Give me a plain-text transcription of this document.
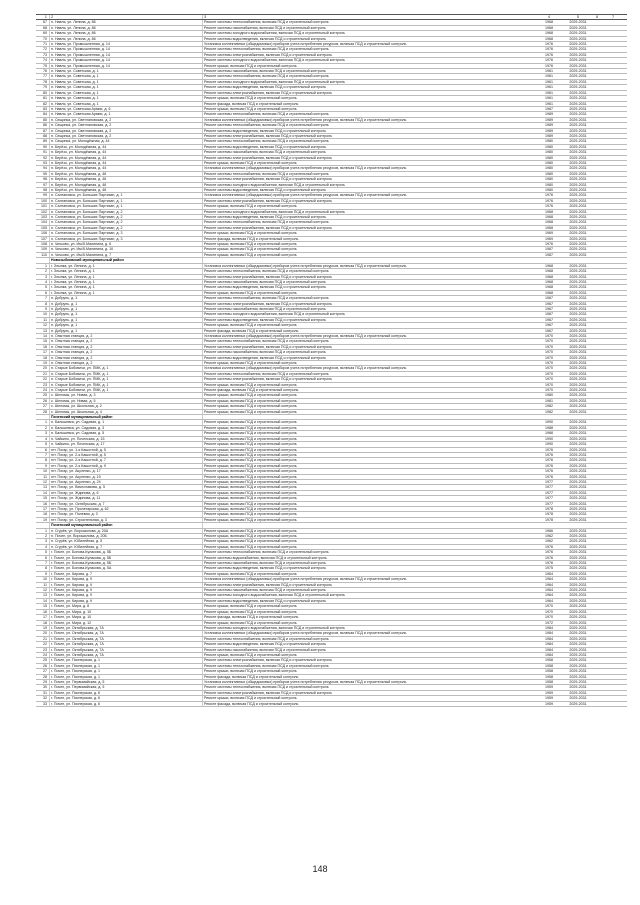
1	2	3	4	5	6	7
67	п. Навля, ул. Ленина, д. 86	Ремонт системы теплоснабжения, включая ПСД и строительный контроль	1968	2029-2031		
68	п. Навля, ул. Ленина, д. 86	Ремонт системы газоснабжения, включая ПСД и строительный контроль	1968	2029-2031		
69	п. Навля, ул. Ленина, д. 86	Ремонт системы холодного водоснабжения, включая ПСД и строительный контроль	1968	2029-2031		
70	п. Навля, ул. Ленина, д. 86	Ремонт системы водоотведения, включая ПСД и строительный контроль	1968	2029-2031		
71	п. Навля, ул. Промышленная, д. 14	Установка коллективных (общедомовых) приборов учета потребления ресурсов, включая ПСД и строительный контроль	1976	2029-2031		
72	п. Навля, ул. Промышленная, д. 14	Ремонт системы теплоснабжения, включая ПСД и строительный контроль	1976	2029-2031		
73	п. Навля, ул. Промышленная, д. 14	Ремонт системы электроснабжения, включая ПСД и строительный контроль	1976	2029-2031		
74	п. Навля, ул. Промышленная, д. 14	Ремонт системы холодного водоснабжения, включая ПСД и строительный контроль	1976	2029-2031		
75	п. Навля, ул. Промышленная, д. 14	Ремонт крыши, включая ПСД и строительный контроль	1976	2029-2031		
76	п. Навля, ул. Советская, д. 1	Ремонт системы газоснабжения, включая ПСД и строительный контроль	1961	2029-2031		
77	п. Навля, ул. Советская, д. 1	Ремонт системы теплоснабжения, включая ПСД и строительный контроль	1961	2029-2031		
78	п. Навля, ул. Советская, д. 1	Ремонт системы холодного водоснабжения, включая ПСД и строительный контроль	1961	2029-2031		
79	п. Навля, ул. Советская, д. 1	Ремонт системы водоотведения, включая ПСД и строительный контроль	1961	2029-2031		
80	п. Навля, ул. Советская, д. 1	Ремонт системы электроснабжения, включая ПСД и строительный контроль	1961	2029-2031		
81	п. Навля, ул. Советская, д. 1	Ремонт крыши, включая ПСД и строительный контроль	1961	2029-2031		
82	п. Навля, ул. Советская, д. 1	Ремонт фасада, включая ПСД и строительный контроль	1961	2029-2031		
83	п. Навля, ул. Советская Армии, д. 6	Ремонт крыши, включая ПСД и строительный контроль	1987	2029-2031		
84	п. Навля, ул. Советская Армии, д. 1	Ремонт системы теплоснабжения, включая ПСД и строительный контроль	1989	2029-2031		
85	п. Сещинка, ул. Светлановская, д. 2	Установка коллективных (общедомовых) приборов учета потребления ресурсов, включая ПСД и строительный контроль	1989	2029-2031		
86	п. Сещинка, ул. Светлановская, д. 2	Ремонт системы теплоснабжения, включая ПСД и строительный контроль	1989	2029-2031		
87	п. Сещинка, ул. Светлановская, д. 2	Ремонт системы водоотведения, включая ПСД и строительный контроль	1989	2029-2031		
88	п. Сещинка, ул. Светлановская, д. 2	Ремонт системы электроснабжения, включая ПСД и строительный контроль	1989	2029-2031		
89	п. Сещинка, ул. Молодёжная, д. 44	Ремонт системы теплоснабжения, включая ПСД и строительный контроль	1980	2029-2031		
90	п. Берёзо, ул. Молодёжная, д. 44	Ремонт системы водоотведения, включая ПСД и строительный контроль	1980	2029-2031		
91	п. Берёзо, ул. Молодёжная, д. 44	Ремонт системы газоснабжения, включая ПСД и строительный контроль	1980	2029-2031		
92	п. Берёзо, ул. Молодёжная, д. 44	Ремонт системы электроснабжения, включая ПСД и строительный контроль	1980	2029-2031		
93	п. Берёзо, ул. Молодёжная, д. 44	Ремонт крыши, включая ПСД и строительный контроль	1980	2029-2031		
94	п. Берёзо, ул. Молодёжная, д. 44	Установка коллективных (общедомовых) приборов учета потребления ресурсов, включая ПСД и строительный контроль	1980	2029-2031		
95	п. Берёзо, ул. Молодёжная, д. 46	Ремонт системы теплоснабжения, включая ПСД и строительный контроль	1980	2029-2031		
96	п. Берёзо, ул. Молодёжная, д. 46	Ремонт системы электроснабжения, включая ПСД и строительный контроль	1980	2029-2031		
97	п. Берёзо, ул. Молодёжная, д. 46	Ремонт системы холодного водоснабжения, включая ПСД и строительный контроль	1980	2029-2031		
98	п. Берёзо, ул. Молодёжная, д. 46	Ремонт системы водоотведения, включая ПСД и строительный контроль	1980	2029-2031		
99	п. Салтановка, ул. Больших Партизан, д. 1	Установка коллективных (общедомовых) приборов учета потребления ресурсов, включая ПСД и строительный контроль	1976	2029-2031		
100	п. Салтановка, ул. Больших Партизан, д. 1	Ремонт системы электроснабжения, включая ПСД и строительный контроль	1976	2029-2031		
101	п. Салтановка, ул. Больших Партизан, д. 1	Ремонт крыши, включая ПСД и строительный контроль	1976	2029-2031		
102	п. Салтановка, ул. Больших Партизан, д. 2	Ремонт системы холодного водоснабжения, включая ПСД и строительный контроль	1968	2029-2031		
103	п. Салтановка, ул. Больших Партизан, д. 2	Ремонт системы водоотведения, включая ПСД и строительный контроль	1968	2029-2031		
104	п. Салтановка, ул. Больших Партизан, д. 2	Ремонт системы теплоснабжения, включая ПСД и строительный контроль	1968	2029-2031		
105	п. Салтановка, ул. Больших Партизан, д. 2	Ремонт системы электроснабжения, включая ПСД и строительный контроль	1968	2029-2031		
106	п. Салтановка, ул. Больших Партизан, д. 3	Ремонт крыши, включая ПСД и строительный контроль	1969	2029-2031		
107	п. Салтановка, ул. Больших Партизан, д. 3	Ремонт фасада, включая ПСД и строительный контроль	1969	2029-2031		
108	п. Чичково, ул. Им.В.Малинина, д. 6	Ремонт крыши, включая ПСД и строительный контроль	1976	2029-2031		
109	п. Чичково, ул. Им.В.Малинина, д. 10	Ремонт крыши, включая ПСД и строительный контроль	1987	2029-2031		
110	п. Чичково, ул. Им.В.Малинина, д. 7	Ремонт крыши, включая ПСД и строительный контроль	1987	2029-2031		
	Новозыбковский муниципальный район					
1	г. Злынка, ул. Ленина, д. 1	Установка коллективных (общедомовых) приборов учета потребления ресурсов, включая ПСД и строительный контроль	1968	2029-2031		
2	г. Злынка, ул. Ленина, д. 1	Ремонт системы теплоснабжения, включая ПСД и строительный контроль	1968	2029-2031		
3	г. Злынка, ул. Ленина, д. 1	Ремонт системы электроснабжения, включая ПСД и строительный контроль	1968	2029-2031		
4	г. Злынка, ул. Ленина, д. 1	Ремонт системы газоснабжения, включая ПСД и строительный контроль	1968	2029-2031		
5	г. Злынка, ул. Ленина, д. 1	Ремонт системы водоотведения, включая ПСД и строительный контроль	1968	2029-2031		
6	г. Злынка, ул. Ленина, д. 1	Ремонт крыши, включая ПСД и строительный контроль	1968	2029-2031		
7	п. Добрунь, д. 1	Ремонт системы теплоснабжения, включая ПСД и строительный контроль	1967	2029-2031		
8	п. Добрунь, д. 1	Ремонт системы электроснабжения, включая ПСД и строительный контроль	1967	2029-2031		
9	п. Добрунь, д. 1	Ремонт системы газоснабжения, включая ПСД и строительный контроль	1967	2029-2031		
10	п. Добрунь, д. 1	Ремонт системы холодного водоснабжения, включая ПСД и строительный контроль	1967	2029-2031		
11	п. Добрунь, д. 1	Ремонт системы водоотведения, включая ПСД и строительный контроль	1967	2029-2031		
12	п. Добрунь, д. 1	Ремонт крыши, включая ПСД и строительный контроль	1967	2029-2031		
13	п. Добрунь, д. 1	Ремонт фасада, включая ПСД и строительный контроль	1967	2029-2031		
14	п. Опытная станция, д. 2	Установка коллективных (общедомовых) приборов учета потребления ресурсов, включая ПСД и строительный контроль	1970	2029-2031		
15	п. Опытная станция, д. 2	Ремонт системы теплоснабжения, включая ПСД и строительный контроль	1970	2029-2031		
16	п. Опытная станция, д. 2	Ремонт системы электроснабжения, включая ПСД и строительный контроль	1970	2029-2031		
17	п. Опытная станция, д. 2	Ремонт системы газоснабжения, включая ПСД и строительный контроль	1970	2029-2031		
18	п. Опытная станция, д. 2	Ремонт системы водоотведения, включая ПСД и строительный контроль	1970	2029-2031		
19	п. Опытная станция, д. 2	Ремонт крыши, включая ПСД и строительный контроль	1970	2029-2031		
20	п. Старые Бобовичи, ул. ПМК, д. 1	Установка коллективных (общедомовых) приборов учета потребления ресурсов, включая ПСД и строительный контроль	1970	2029-2031		
21	п. Старые Бобовичи, ул. ПМК, д. 1	Ремонт системы теплоснабжения, включая ПСД и строительный контроль	1970	2029-2031		
22	п. Старые Бобовичи, ул. ПМК, д. 1	Ремонт системы электроснабжения, включая ПСД и строительный контроль	1970	2029-2031		
23	п. Старые Бобовичи, ул. ПМК, д. 1	Ремонт крыши, включая ПСД и строительный контроль	1970	2029-2031		
24	п. Старые Бобовичи, ул. ПМК, д. 1	Ремонт фасада, включая ПСД и строительный контроль	1970	2029-2031		
25	с. Шеломы, ул. Новая, д. 3	Ремонт крыши, включая ПСД и строительный контроль	1980	2029-2031		
26	с. Шеломы, ул. Новая, д. 5	Ремонт крыши, включая ПСД и строительный контроль	1981	2029-2031		
27	с. Шеломы, ул. Школьная, д. 2	Ремонт крыши, включая ПСД и строительный контроль	1982	2029-2031		
28	с. Шеломы, ул. Школьная, д. 4	Ремонт крыши, включая ПСД и строительный контроль	1982	2029-2031		
	Почепский муниципальный район					
1	п. Бальшевка, ул. Садовая, д. 1	Ремонт крыши, включая ПСД и строительный контроль	1990	2029-2031		
2	п. Бальшевка, ул. Садовая, д. 3	Ремонт крыши, включая ПСД и строительный контроль	1988	2029-2031		
3	п. Бальшевка, ул. Садовая, д. 5	Ремонт крыши, включая ПСД и строительный контроль	1988	2029-2031		
4	п. Чайкино, ул. Почепская, д. 15	Ремонт крыши, включая ПСД и строительный контроль	1990	2029-2031		
5	п. Чайкино, ул. Почепская, д. 17	Ремонт крыши, включая ПСД и строительный контроль	1990	2029-2031		
6	пгт. Погар, ул. 1-я Кашотной, д. 5	Ремонт крыши, включая ПСД и строительный контроль	1976	2029-2031		
7	пгт. Погар, ул. 2-я Кашотной, д. 5	Ремонт крыши, включая ПСД и строительный контроль	1976	2029-2031		
8	пгт. Погар, ул. 2-я Кашотной, д. 7	Ремонт крыши, включая ПСД и строительный контроль	1976	2029-2031		
9	пгт. Погар, ул. 2-я Кашотной, д. 9	Ремонт крыши, включая ПСД и строительный контроль	1976	2029-2031		
10	пгт. Погар, ул. Акуленко, д. 17	Ремонт крыши, включая ПСД и строительный контроль	1976	2029-2031		
11	пгт. Погар, ул. Акуленко, д. 19	Ремонт крыши, включая ПСД и строительный контроль	1976	2029-2031		
12	пгт. Погар, ул. Акуленко, д. 24	Ремонт крыши, включая ПСД и строительный контроль	1977	2029-2031		
13	пгт. Погар, ул. Вячеславова, д. 5	Ремонт крыши, включая ПСД и строительный контроль	1977	2029-2031		
14	пгт. Погар, ул. Ждинова, д. 6	Ремонт крыши, включая ПСД и строительный контроль	1977	2029-2031		
15	пгт. Погар, ул. Ждинова, д. 11	Ремонт крыши, включая ПСД и строительный контроль	1977	2029-2031		
16	пгт. Погар, ул. Октябрьская, д. 7	Ремонт крыши, включая ПСД и строительный контроль	1977	2029-2031		
17	пгт. Погар, ул. Пролетарская, д. 62	Ремонт крыши, включая ПСД и строительный контроль	1978	2029-2031		
18	пгт. Погар, ул. Полевая, д. 3	Ремонт крыши, включая ПСД и строительный контроль	1978	2029-2031		
19	пгт. Погар, ул. Строительная, д. 3	Ремонт крыши, включая ПСД и строительный контроль	1978	2029-2031		
	Почепский муниципальный район					
1	п. Сгурёв, ул. Ворошилова, д. 20А	Ремонт крыши, включая ПСД и строительный контроль	1966	2029-2031		
2	п. Почеп, ул. Ворошилова, д. 20Б	Ремонт крыши, включая ПСД и строительный контроль	1962	2029-2031		
3	п. Сгурёв, ул. Юбилейная, д. 5	Ремонт крыши, включая ПСД и строительный контроль	1962	2029-2031		
4	п. Сгурёв, ул. Юбилейная, д. 7	Ремонт крыши, включая ПСД и строительный контроль	1976	2029-2031		
5	г. Почеп, ул. Бонова-Кулакова, д. 5Б	Ремонт системы теплоснабжения, включая ПСД и строительный контроль	1976	2029-2031		
6	г. Почеп, ул. Бонова-Кулакова, д. 5Б	Ремонт системы водоснабжения, включая ПСД и строительный контроль	1976	2029-2031		
7	г. Почеп, ул. Бонова-Кулакова, д. 5Б	Ремонт системы газоснабжения, включая ПСД и строительный контроль	1976	2029-2031		
8	г. Почеп, ул. Бонова-Кулакова, д. 5А	Ремонт системы водоотведения, включая ПСД и строительный контроль	1975	2029-2031		
9	г. Почеп, ул. Кирова, д. 7	Ремонт крыши, включая ПСД и строительный контроль	1964	2029-2031		
10	г. Почеп, ул. Кирова, д. 9	Установка коллективных (общедомовых) приборов учета потребления ресурсов, включая ПСД и строительный контроль	1964	2029-2031		
11	г. Почеп, ул. Кирова, д. 9	Ремонт системы электроснабжения, включая ПСД и строительный контроль	1964	2029-2031		
12	г. Почеп, ул. Кирова, д. 9	Ремонт системы газоснабжения, включая ПСД и строительный контроль	1964	2029-2031		
13	г. Почеп, ул. Кирова, д. 9	Ремонт системы холодного водоснабжения, включая ПСД и строительный контроль	1964	2029-2031		
14	г. Почеп, ул. Кирова, д. 9	Ремонт системы водоотведения, включая ПСД и строительный контроль	1964	2029-2031		
15	г. Почеп, ул. Мира, д. 8	Ремонт крыши, включая ПСД и строительный контроль	1970	2029-2031		
16	г. Почеп, ул. Мира, д. 10	Ремонт крыши, включая ПСД и строительный контроль	1970	2029-2031		
17	г. Почеп, ул. Мира, д. 10	Ремонт фасада, включая ПСД и строительный контроль	1970	2029-2031		
18	г. Почеп, ул. Мира, д. 12	Ремонт крыши, включая ПСД и строительный контроль	1972	2029-2031		
19	г. Почеп, ул. Октябрьская, д. 7А	Ремонт системы холодного водоснабжения, включая ПСД и строительный контроль	1984	2029-2031		
20	г. Почеп, ул. Октябрьская, д. 7А	Установка коллективных (общедомовых) приборов учета потребления ресурсов, включая ПСД и строительный контроль	1984	2029-2031		
21	г. Почеп, ул. Октябрьская, д. 7А	Ремонт системы теплоснабжения, включая ПСД и строительный контроль	1984	2029-2031		
22	г. Почеп, ул. Октябрьская, д. 7А	Ремонт системы водоотведения, включая ПСД и строительный контроль	1984	2029-2031		
23	г. Почеп, ул. Октябрьская, д. 7А	Ремонт системы газоснабжения, включая ПСД и строительный контроль	1984	2029-2031		
24	г. Почеп, ул. Октябрьская, д. 7А	Ремонт крыши, включая ПСД и строительный контроль	1984	2029-2031		
25	г. Почеп, ул. Пионерская, д. 1	Ремонт системы электроснабжения, включая ПСД и строительный контроль	1958	2029-2031		
26	г. Почеп, ул. Пионерская, д. 1	Ремонт системы теплоснабжения, включая ПСД и строительный контроль	1958	2029-2031		
27	г. Почеп, ул. Пионерская, д. 1	Ремонт крыши, включая ПСД и строительный контроль	1958	2029-2031		
28	г. Почеп, ул. Пионерская, д. 1	Ремонт фасада, включая ПСД и строительный контроль	1958	2029-2031		
29	г. Почеп, ул. Первомайская, д. 5	Установка коллективных (общедомовых) приборов учета потребления ресурсов, включая ПСД и строительный контроль	1958	2029-2031		
30	г. Почеп, ул. Первомайская, д. 5	Ремонт системы теплоснабжения, включая ПСД и строительный контроль	1959	2029-2031		
31	г. Почеп, ул. Пионерская, д. 6	Ремонт системы электроснабжения, включая ПСД и строительный контроль	1959	2029-2031		
32	г. Почеп, ул. Пионерская, д. 6	Ремонт крыши, включая ПСД и строительный контроль	1959	2029-2031		
33	г. Почеп, ул. Пионерская, д. 6	Ремонт фасада, включая ПСД и строительный контроль	1959	2029-2031		
148
